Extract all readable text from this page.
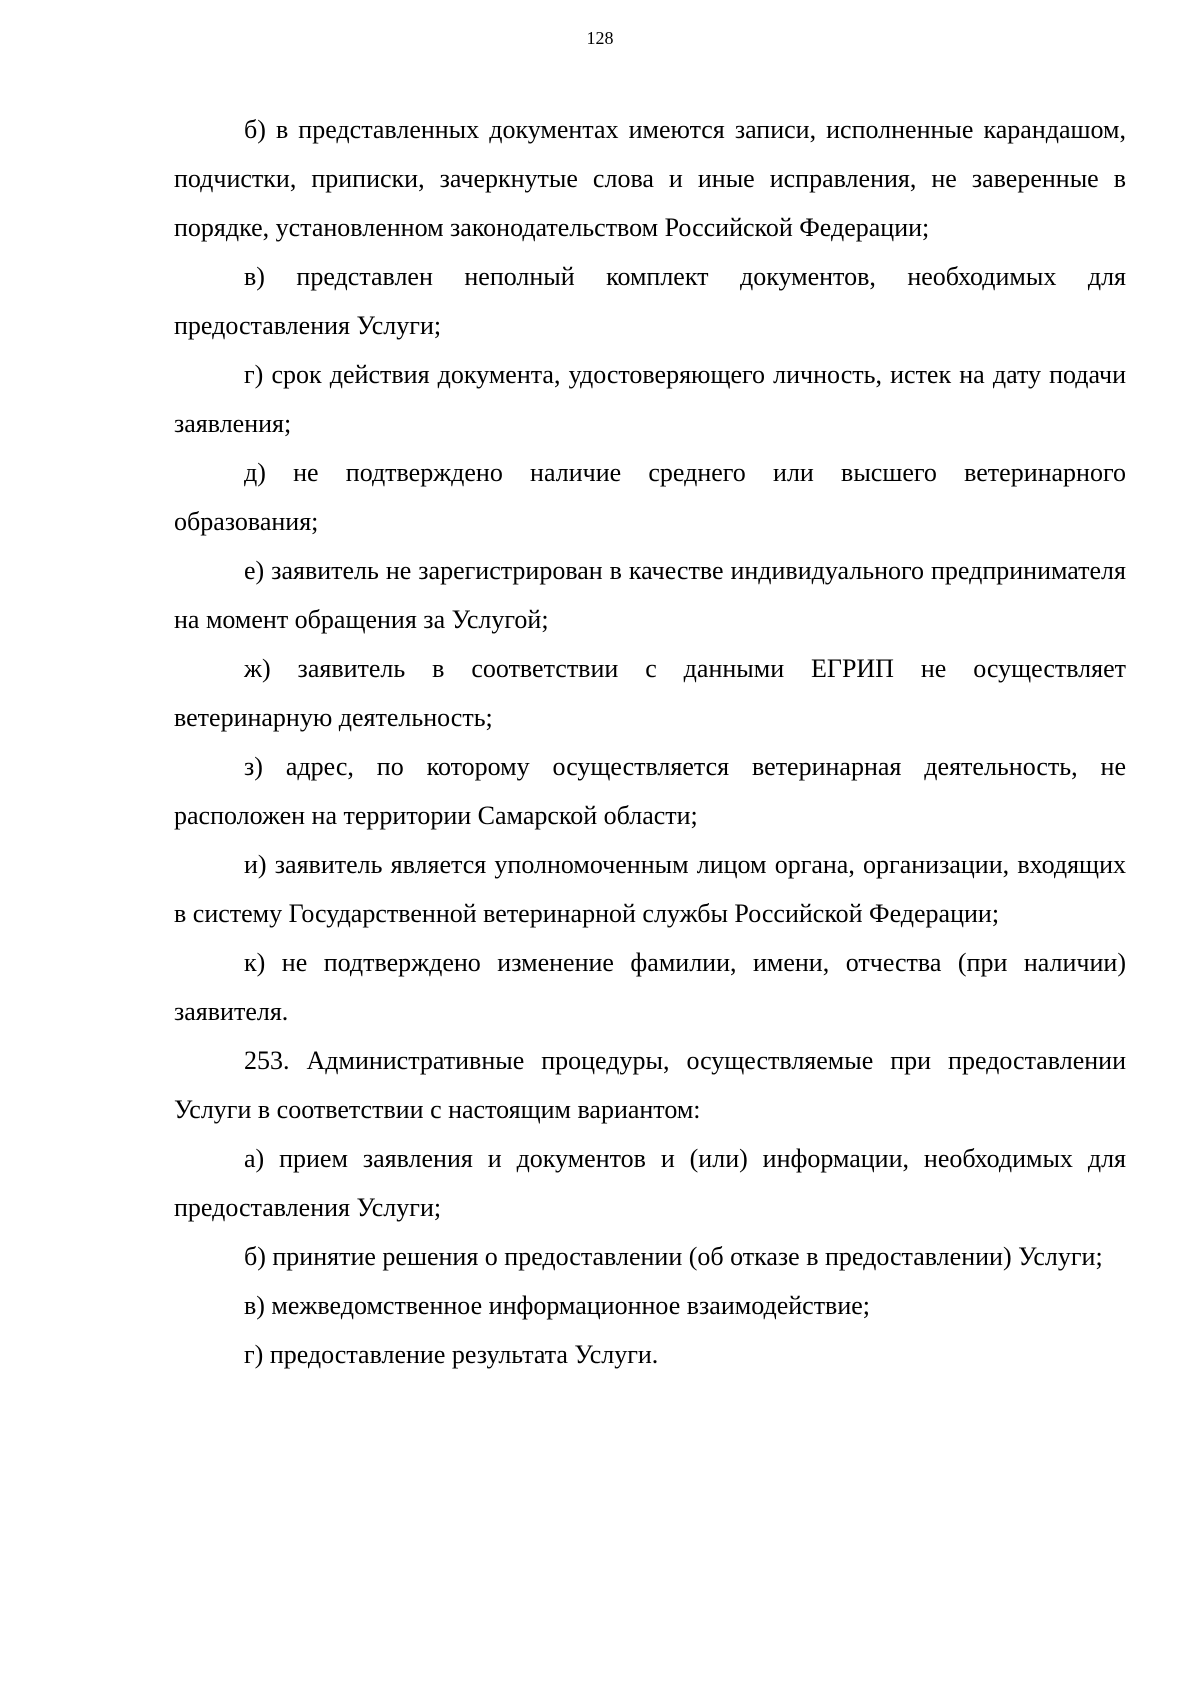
128

б) в представленных документах имеются записи, исполненные карандашом, подчистки, приписки, зачеркнутые слова и иные исправления, не заверенные в порядке, установленном законодательством Российской Федерации;

в) представлен неполный комплект документов, необходимых для предоставления Услуги;

г) срок действия документа, удостоверяющего личность, истек на дату подачи заявления;

д) не подтверждено наличие среднего или высшего ветеринарного образования;

е) заявитель не зарегистрирован в качестве индивидуального предпринимателя на момент обращения за Услугой;

ж) заявитель в соответствии с данными ЕГРИП не осуществляет ветеринарную деятельность;

з) адрес, по которому осуществляется ветеринарная деятельность, не расположен на территории Самарской области;

и) заявитель является уполномоченным лицом органа, организации, входящих в систему Государственной ветеринарной службы Российской Федерации;

к) не подтверждено изменение фамилии, имени, отчества (при наличии) заявителя.

253. Административные процедуры, осуществляемые при предоставлении Услуги в соответствии с настоящим вариантом:

а) прием заявления и документов и (или) информации, необходимых для предоставления Услуги;

б) принятие решения о предоставлении (об отказе в предоставлении) Услуги;

в) межведомственное информационное взаимодействие;

г) предоставление результата Услуги.
